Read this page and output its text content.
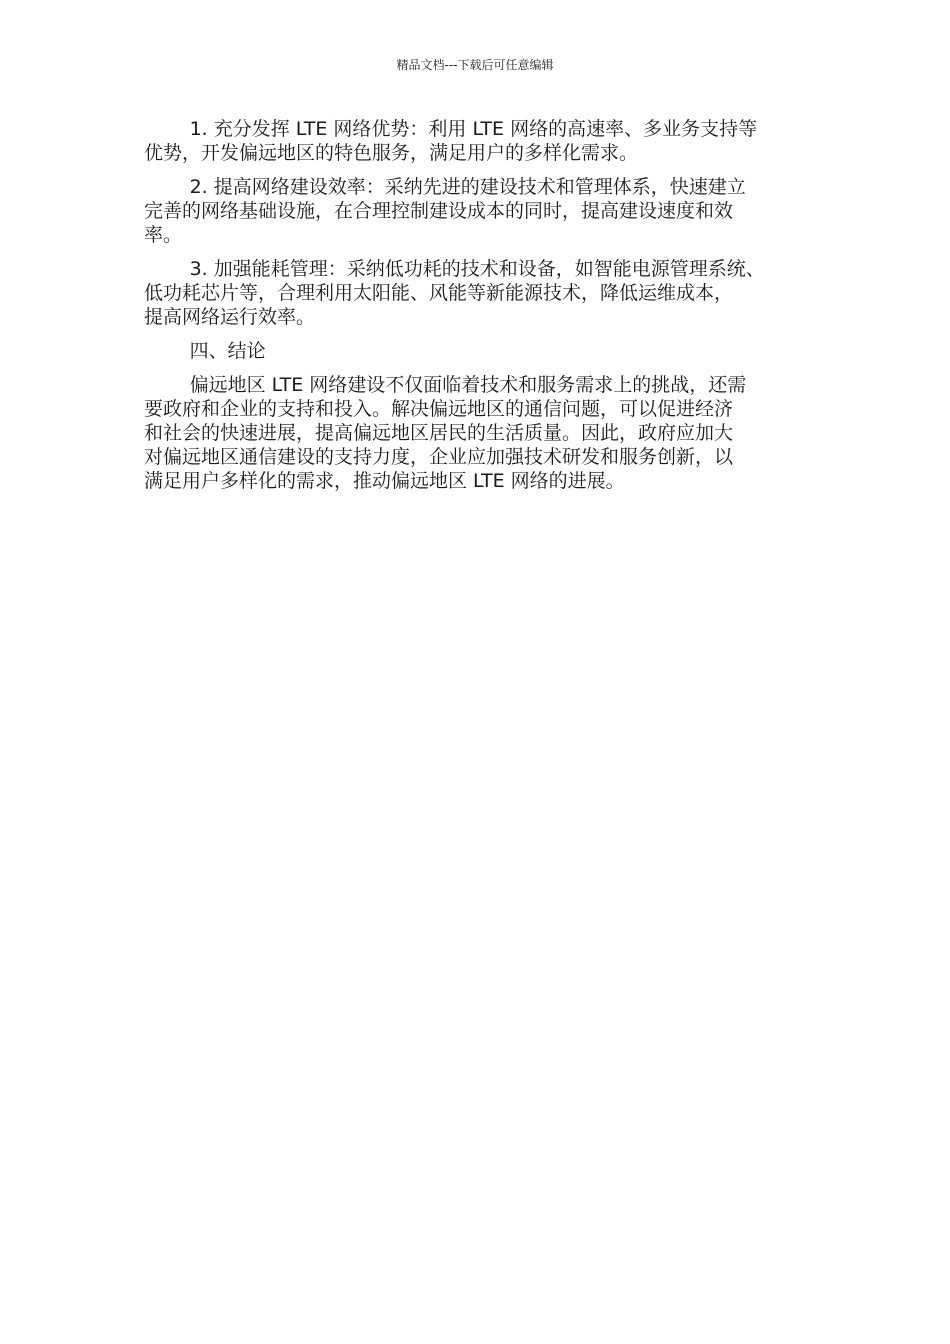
精品文档---下载后可任意编辑
1. 充分发挥 LTE 网络优势：利用 LTE 网络的高速率、多业务支持等
优势，开发偏远地区的特色服务，满足用户的多样化需求。
2. 提高网络建设效率：采纳先进的建设技术和管理体系，快速建立
完善的网络基础设施，在合理控制建设成本的同时，提高建设速度和效
率。
3. 加强能耗管理：采纳低功耗的技术和设备，如智能电源管理系统、
低功耗芯片等，合理利用太阳能、风能等新能源技术，降低运维成本，
提高网络运行效率。
四、结论
偏远地区 LTE 网络建设不仅面临着技术和服务需求上的挑战，还需
要政府和企业的支持和投入。解决偏远地区的通信问题，可以促进经济
和社会的快速进展，提高偏远地区居民的生活质量。因此，政府应加大
对偏远地区通信建设的支持力度，企业应加强技术研发和服务创新，以
满足用户多样化的需求，推动偏远地区 LTE 网络的进展。
